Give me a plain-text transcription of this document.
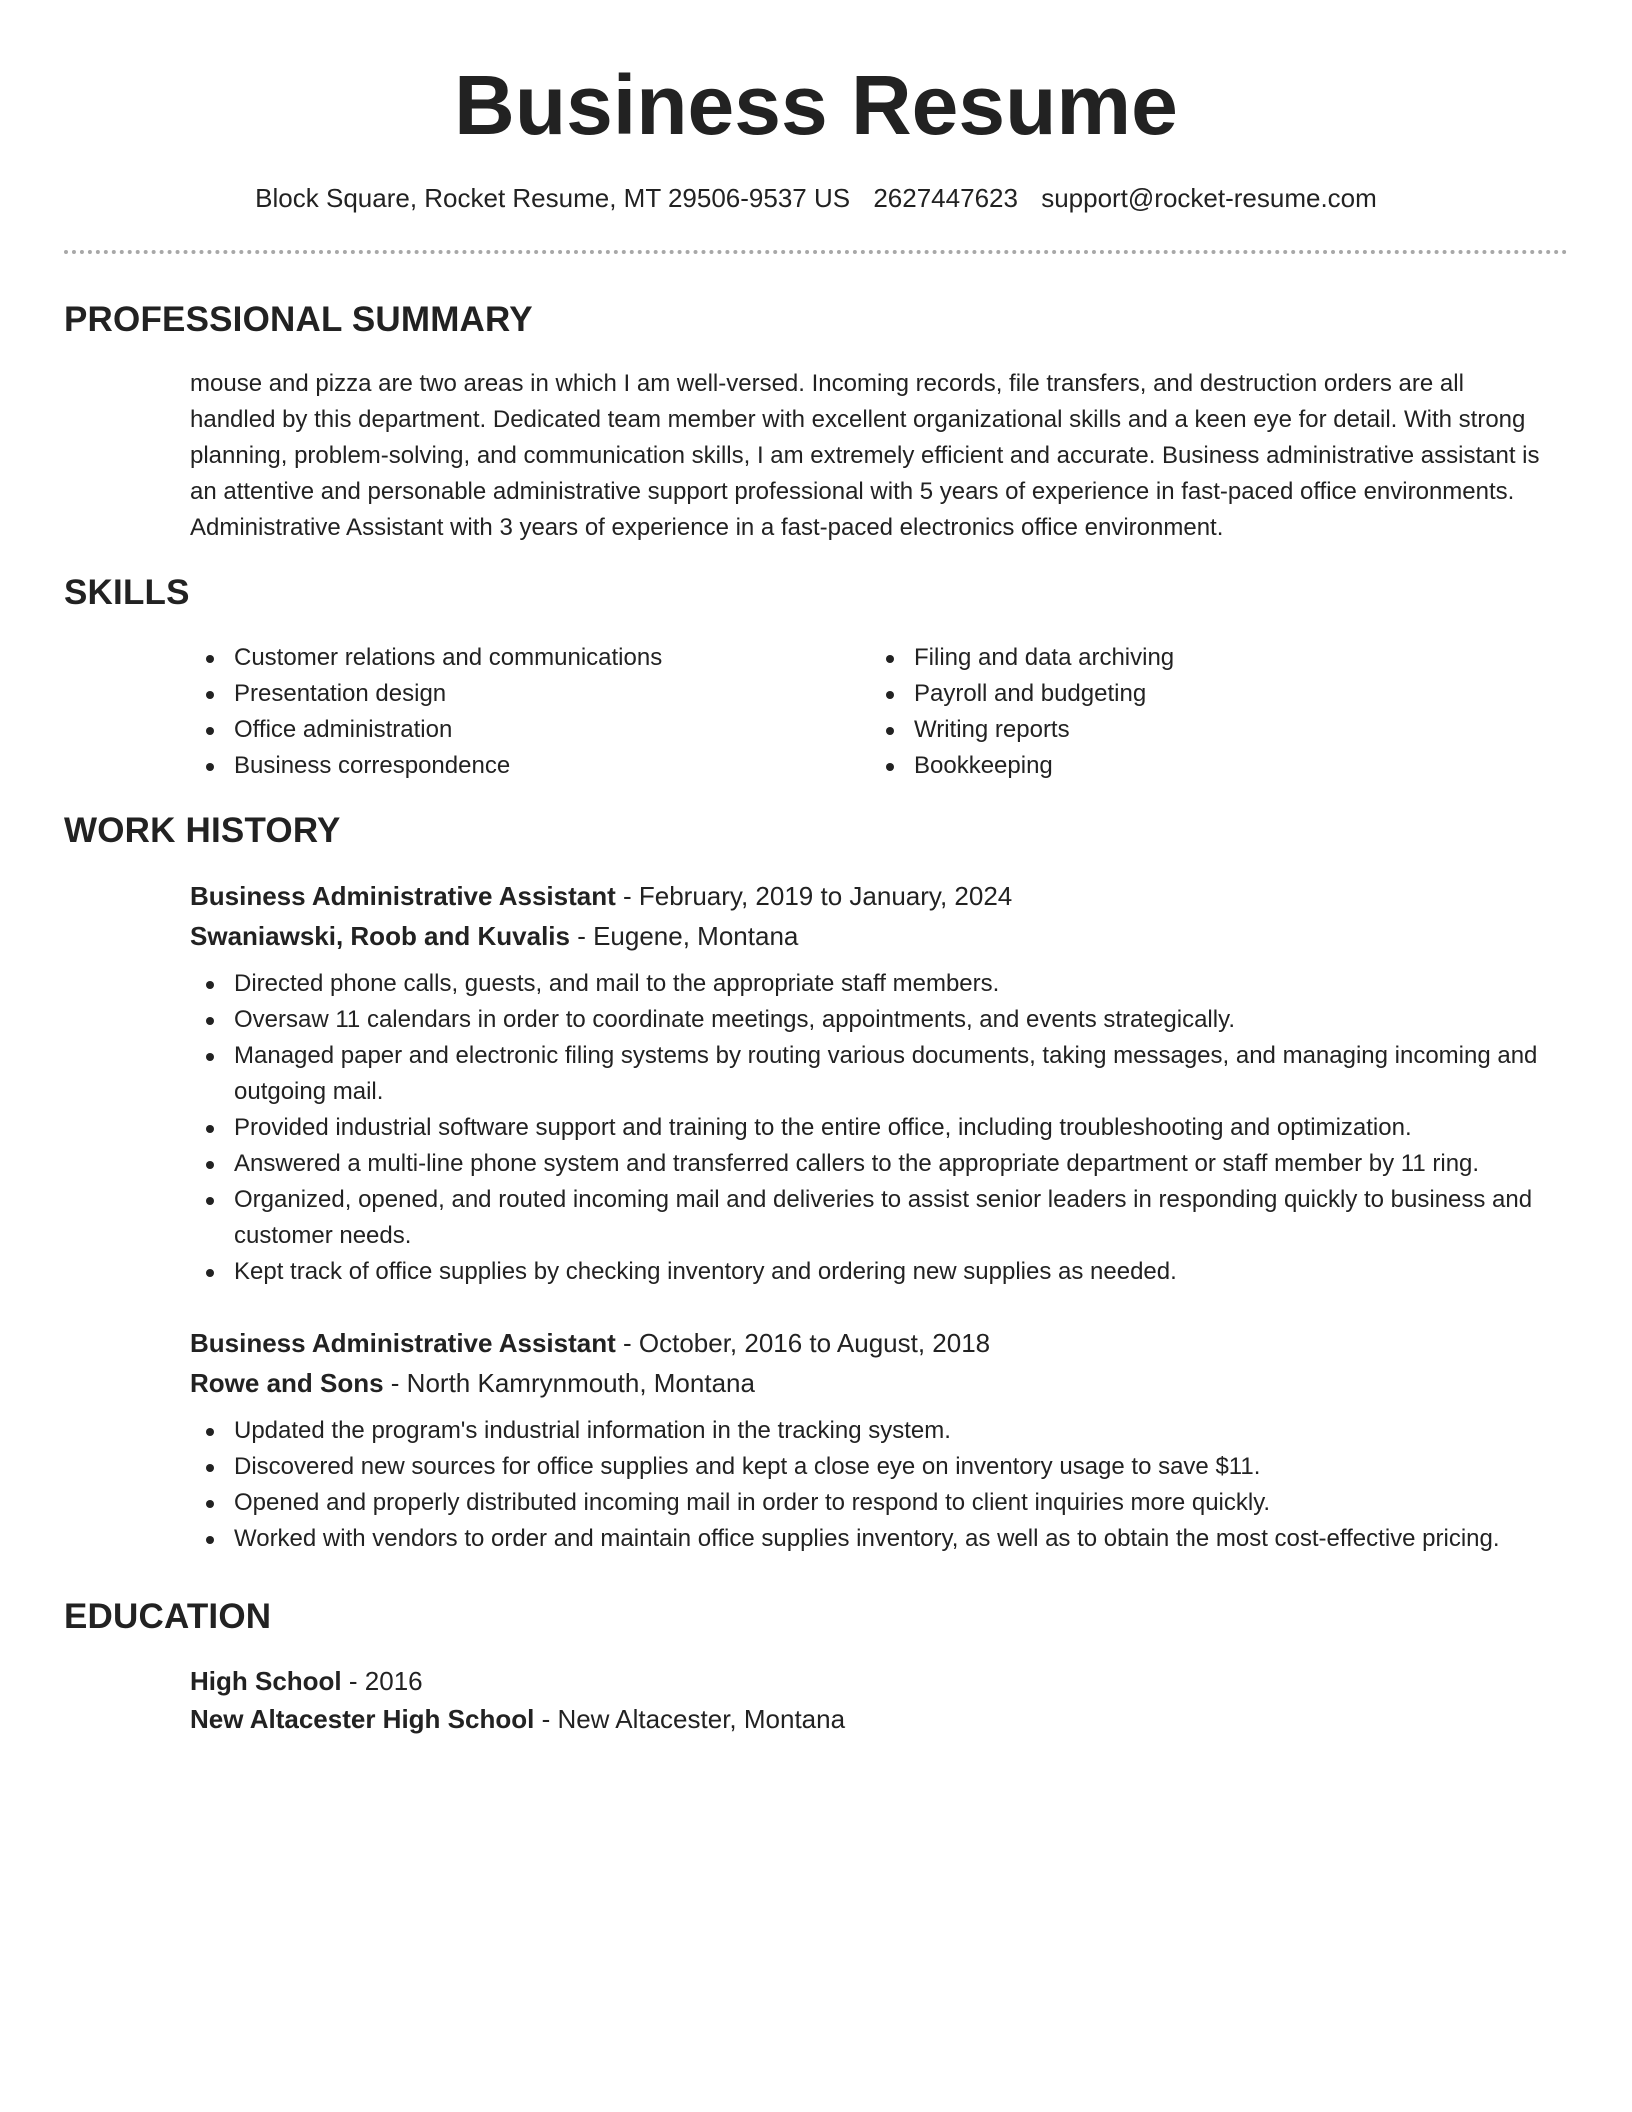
Business Resume
Block Square, Rocket Resume, MT 29506-9537 US 2627447623 support@rocket-resume.com
PROFESSIONAL SUMMARY

mouse and pizza are two areas in which I am well-versed. Incoming records, file transfers, and destruction orders are all handled by this department. Dedicated team member with excellent organizational skills and a keen eye for detail. With strong planning, problem-solving, and communication skills, I am extremely efficient and accurate. Business administrative assistant is an attentive and personable administrative support professional with 5 years of experience in fast-paced office environments. Administrative Assistant with 3 years of experience in a fast-paced electronics office environment.

SKILLS
Customer relations and communications
Presentation design
Office administration
Business correspondence
Filing and data archiving
Payroll and budgeting
Writing reports
Bookkeeping
WORK HISTORY

Business Administrative Assistant - February, 2019 to January, 2024

Swaniawski, Roob and Kuvalis - Eugene, Montana

Directed phone calls, guests, and mail to the appropriate staff members.
Oversaw 11 calendars in order to coordinate meetings, appointments, and events strategically.
Managed paper and electronic filing systems by routing various documents, taking messages, and managing incoming and outgoing mail.
Provided industrial software support and training to the entire office, including troubleshooting and optimization.
Answered a multi-line phone system and transferred callers to the appropriate department or staff member by 11 ring.
Organized, opened, and routed incoming mail and deliveries to assist senior leaders in responding quickly to business and customer needs.
Kept track of office supplies by checking inventory and ordering new supplies as needed.

Business Administrative Assistant - October, 2016 to August, 2018

Rowe and Sons - North Kamrynmouth, Montana

Updated the program's industrial information in the tracking system.
Discovered new sources for office supplies and kept a close eye on inventory usage to save $11.
Opened and properly distributed incoming mail in order to respond to client inquiries more quickly.
Worked with vendors to order and maintain office supplies inventory, as well as to obtain the most cost-effective pricing.
EDUCATION

High School - 2016

New Altacester High School - New Altacester, Montana
